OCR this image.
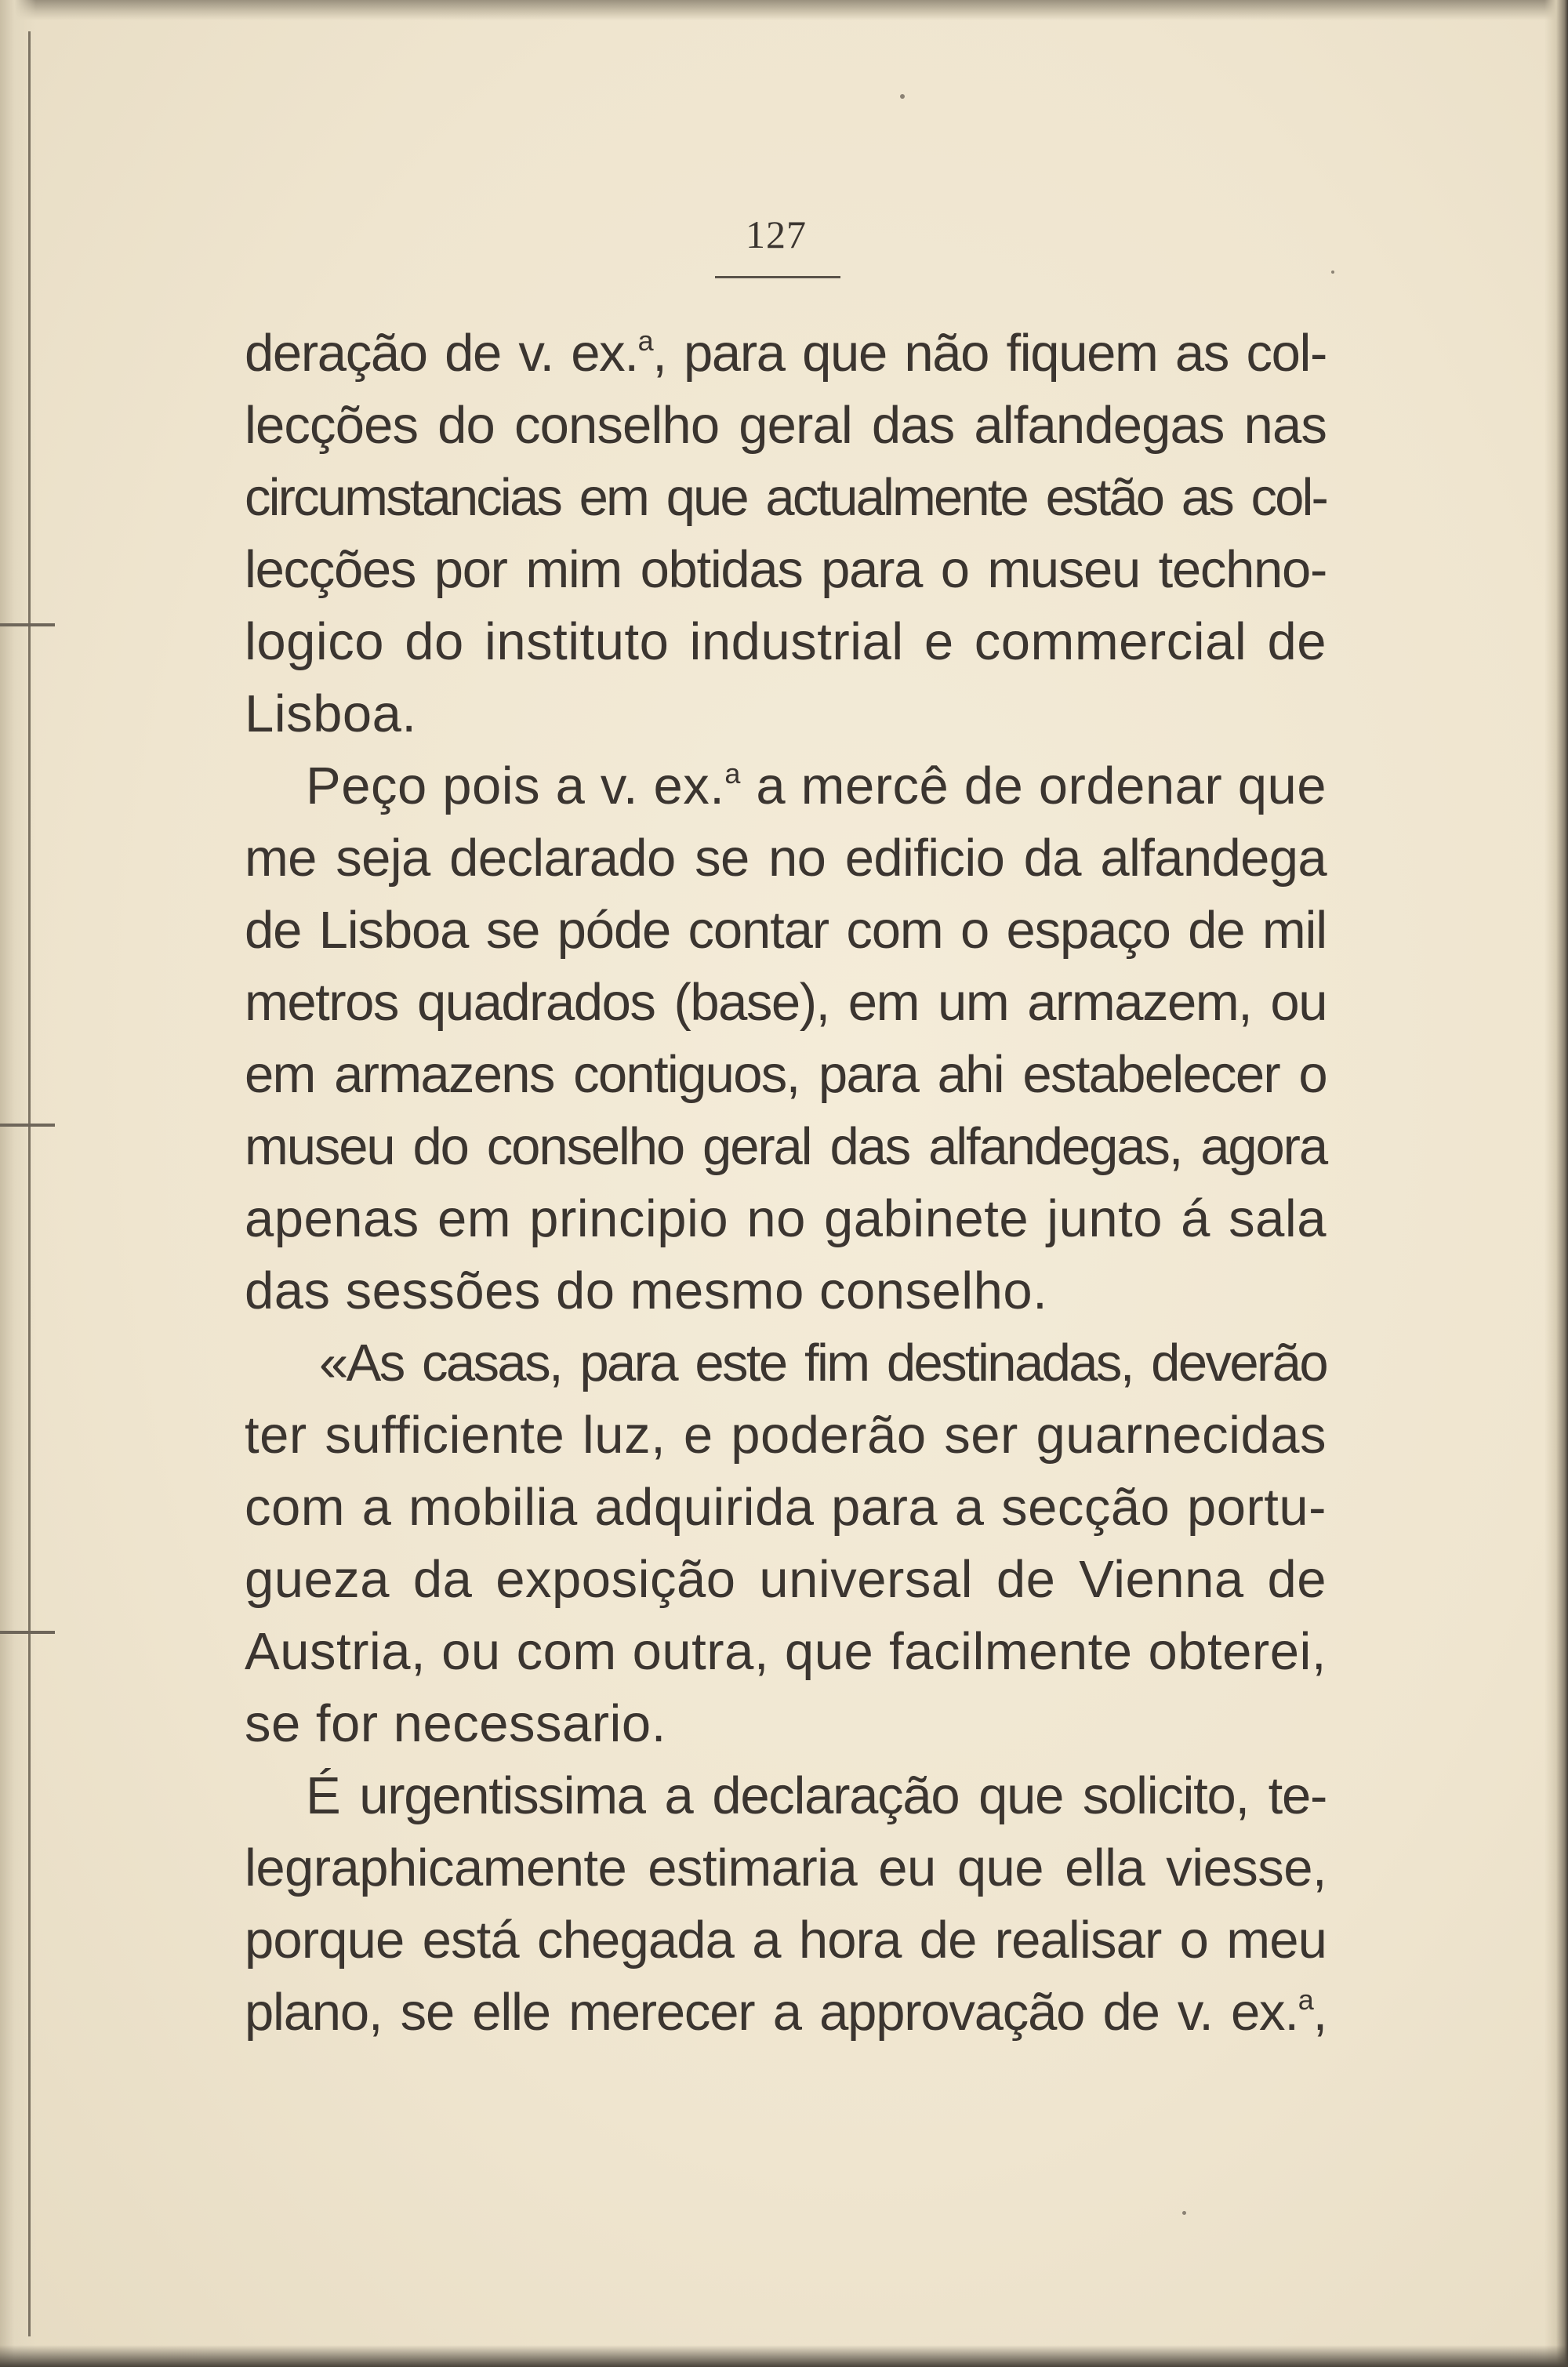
127
deração de v. ex.$^a$, para que não fiquem as col-
lecções do conselho geral das alfandegas nas
circumstancias em que actualmente estão as col-
lecções por mim obtidas para o museu techno-
logico do instituto industrial e commercial de
Lisboa.
Peço pois a v. ex.$^a$ a mercê de ordenar que
me seja declarado se no edificio da alfandega
de Lisboa se póde contar com o espaço de mil
metros quadrados (base), em um armazem, ou
em armazens contiguos, para ahi estabelecer o
museu do conselho geral das alfandegas, agora
apenas em principio no gabinete junto á sala
das sessões do mesmo conselho.
«As casas, para este fim destinadas, deverão
ter sufficiente luz, e poderão ser guarnecidas
com a mobilia adquirida para a secção portu-
gueza da exposição universal de Vienna de
Austria, ou com outra, que facilmente obterei,
se for necessario.
É urgentissima a declaração que solicito, te-
legraphicamente estimaria eu que ella viesse,
porque está chegada a hora de realisar o meu
plano, se elle merecer a approvação de v. ex.$^a$,
